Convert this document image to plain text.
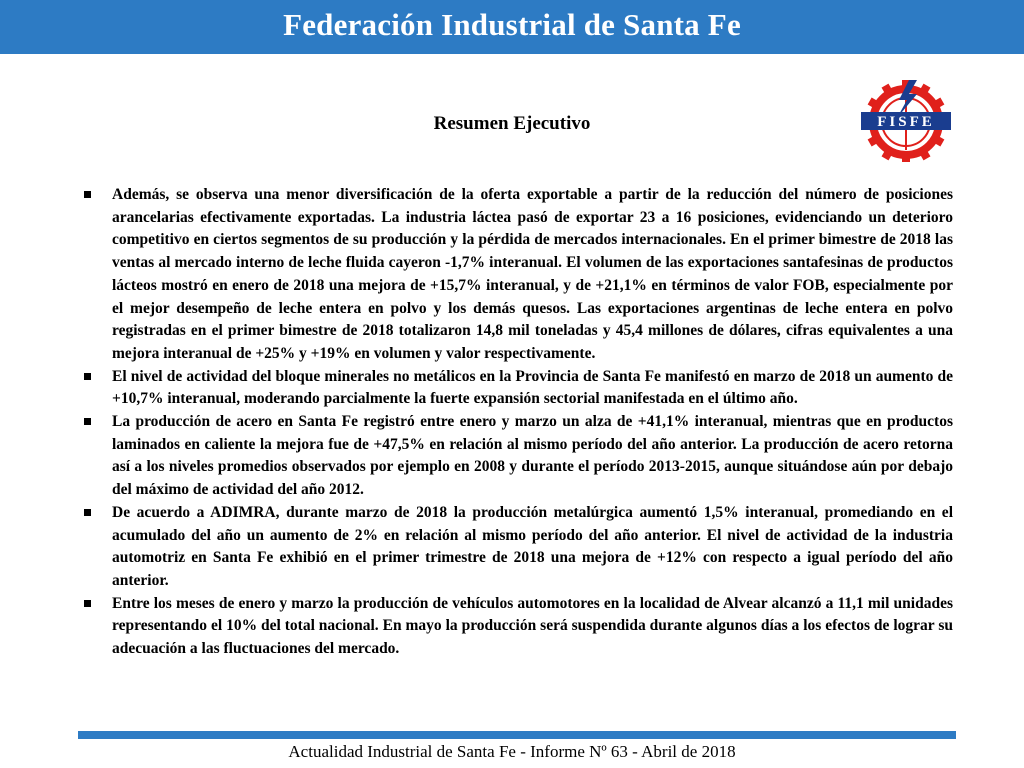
Federación Industrial de Santa Fe
Resumen Ejecutivo	FISFE
Además, se observa una menor diversificación de la oferta exportable a partir de la reducción del número de posiciones arancelarias efectivamente exportadas. La industria láctea pasó de exportar 23 a 16 posiciones, evidenciando un deterioro competitivo en ciertos segmentos de su producción y la pérdida de mercados internacionales. En el primer bimestre de 2018 las ventas al mercado interno de leche fluida cayeron -1,7% interanual. El volumen de las exportaciones santafesinas de productos lácteos mostró en enero de 2018 una mejora de +15,7% interanual, y de +21,1% en términos de valor FOB, especialmente por el mejor desempeño de leche entera en polvo y los demás quesos. Las exportaciones argentinas de leche entera en polvo registradas en el primer bimestre de 2018 totalizaron 14,8 mil toneladas y 45,4 millones de dólares, cifras equivalentes a una mejora interanual de +25% y +19% en volumen y valor respectivamente.
El nivel de actividad del bloque minerales no metálicos en la Provincia de Santa Fe manifestó en marzo de 2018 un aumento de +10,7% interanual, moderando parcialmente la fuerte expansión sectorial manifestada en el último año.
La producción de acero en Santa Fe registró entre enero y marzo un alza de +41,1% interanual, mientras que en productos laminados en caliente la mejora fue de +47,5% en relación al mismo período del año anterior. La producción de acero retorna así a los niveles promedios observados por ejemplo en 2008 y durante el período 2013-2015, aunque situándose aún por debajo del máximo de actividad del año 2012.
De acuerdo a ADIMRA, durante marzo de 2018 la producción metalúrgica aumentó 1,5% interanual, promediando en el acumulado del año un aumento de 2% en relación al mismo período del año anterior. El nivel de actividad de la industria automotriz en Santa Fe exhibió en el primer trimestre de 2018 una mejora de +12% con respecto a igual período del año anterior.
Entre los meses de enero y marzo la producción de vehículos automotores en la localidad de Alvear alcanzó a 11,1 mil unidades representando el 10% del total nacional. En mayo la producción será suspendida durante algunos días a los efectos de lograr su adecuación a las fluctuaciones del mercado.
Actualidad Industrial de Santa Fe - Informe Nº 63 - Abril de 2018
